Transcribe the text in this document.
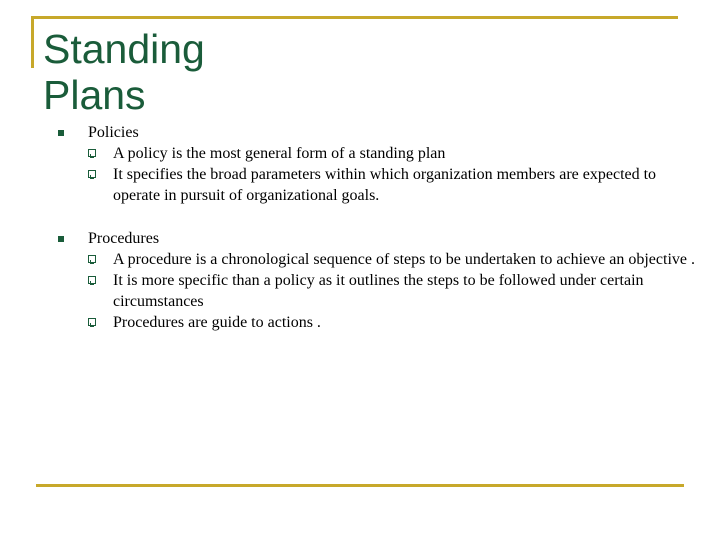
Standing
Plans
Policies
A policy is the most general form of a standing plan
It specifies the broad parameters within which organization members are expected to operate in pursuit of organizational goals.
Procedures
A procedure is a chronological sequence of steps to be undertaken to achieve an objective .
It is more specific than a policy as it outlines the steps to be followed under certain circumstances
Procedures are guide to actions .
